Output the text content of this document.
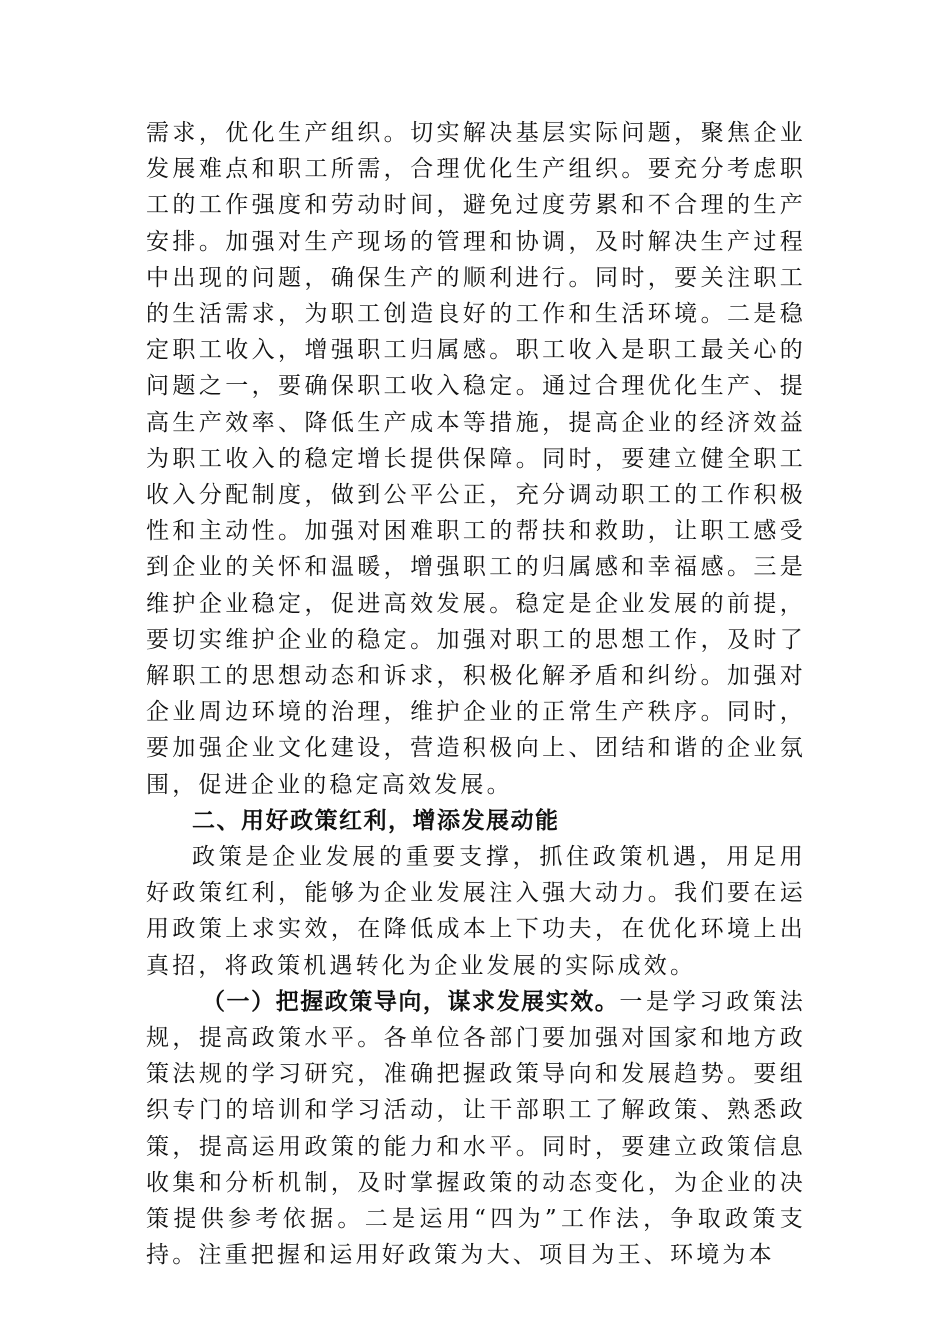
需求，优化生产组织。切实解决基层实际问题，聚焦企业发展难点和职工所需，合理优化生产组织。要充分考虑职工的工作强度和劳动时间，避免过度劳累和不合理的生产安排。加强对生产现场的管理和协调，及时解决生产过程中出现的问题，确保生产的顺利进行。同时，要关注职工的生活需求，为职工创造良好的工作和生活环境。二是稳定职工收入，增强职工归属感。职工收入是职工最关心的问题之一，要确保职工收入稳定。通过合理优化生产、提高生产效率、降低生产成本等措施，提高企业的经济效益为职工收入的稳定增长提供保障。同时，要建立健全职工收入分配制度，做到公平公正，充分调动职工的工作积极性和主动性。加强对困难职工的帮扶和救助，让职工感受到企业的关怀和温暖，增强职工的归属感和幸福感。三是维护企业稳定，促进高效发展。稳定是企业发展的前提，要切实维护企业的稳定。加强对职工的思想工作，及时了解职工的思想动态和诉求，积极化解矛盾和纠纷。加强对企业周边环境的治理，维护企业的正常生产秩序。同时，要加强企业文化建设，营造积极向上、团结和谐的企业氛围，促进企业的稳定高效发展。

二、用好政策红利，增添发展动能

政策是企业发展的重要支撑，抓住政策机遇，用足用好政策红利，能够为企业发展注入强大动力。我们要在运用政策上求实效，在降低成本上下功夫，在优化环境上出真招，将政策机遇转化为企业发展的实际成效。

（一）把握政策导向，谋求发展实效。一是学习政策法规，提高政策水平。各单位各部门要加强对国家和地方政策法规的学习研究，准确把握政策导向和发展趋势。要组织专门的培训和学习活动，让干部职工了解政策、熟悉政策，提高运用政策的能力和水平。同时，要建立政策信息收集和分析机制，及时掌握政策的动态变化，为企业的决策提供参考依据。二是运用“四为”工作法，争取政策支持。注重把握和运用好政策为大、项目为王、环境为本
